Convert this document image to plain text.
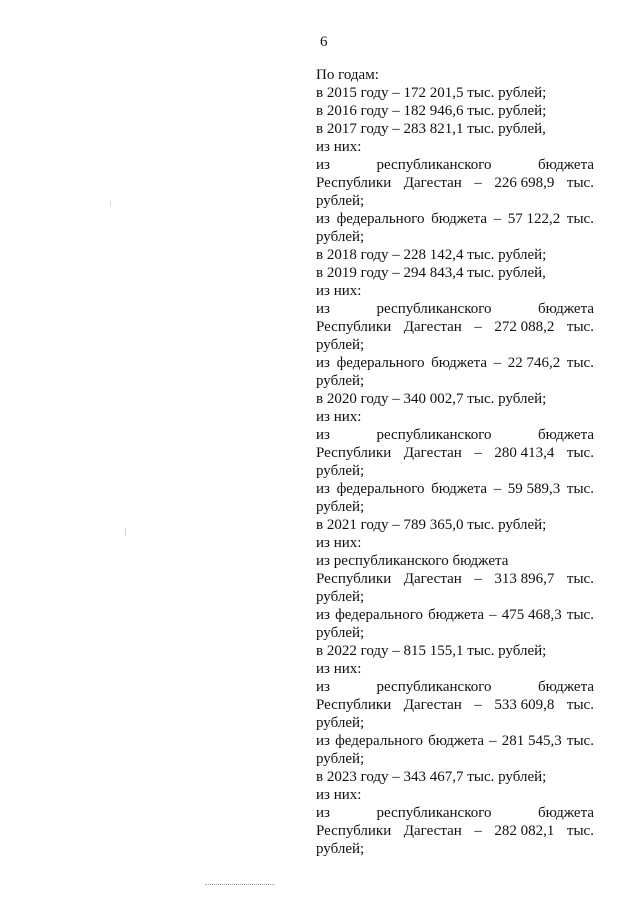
6
По годам:
в 2015 году – 172 201,5 тыс. рублей;
в 2016 году – 182 946,6 тыс. рублей;
в 2017 году – 283 821,1 тыс. рублей,
из них:
из	республиканского	бюджета
Республики Дагестан – 226 698,9 тыс.
рублей;
из федерального бюджета – 57 122,2 тыс.
рублей;
в 2018 году – 228 142,4 тыс. рублей;
в 2019 году – 294 843,4 тыс. рублей,
из них:
из	республиканского	бюджета
Республики Дагестан – 272 088,2 тыс.
рублей;
из федерального бюджета – 22 746,2 тыс.
рублей;
в 2020 году – 340 002,7 тыс. рублей;
из них:
из	республиканского	бюджета
Республики Дагестан – 280 413,4 тыс.
рублей;
из федерального бюджета – 59 589,3 тыс.
рублей;
в 2021 году – 789 365,0 тыс. рублей;
из них:
из республиканского бюджета
Республики Дагестан – 313 896,7 тыс.
рублей;
из федерального бюджета – 475 468,3 тыс.
рублей;
в 2022 году – 815 155,1 тыс. рублей;
из них:
из	республиканского	бюджета
Республики Дагестан – 533 609,8 тыс.
рублей;
из федерального бюджета – 281 545,3 тыс.
рублей;
в 2023 году – 343 467,7 тыс. рублей;
из них:
из	республиканского	бюджета
Республики Дагестан – 282 082,1 тыс.
рублей;
